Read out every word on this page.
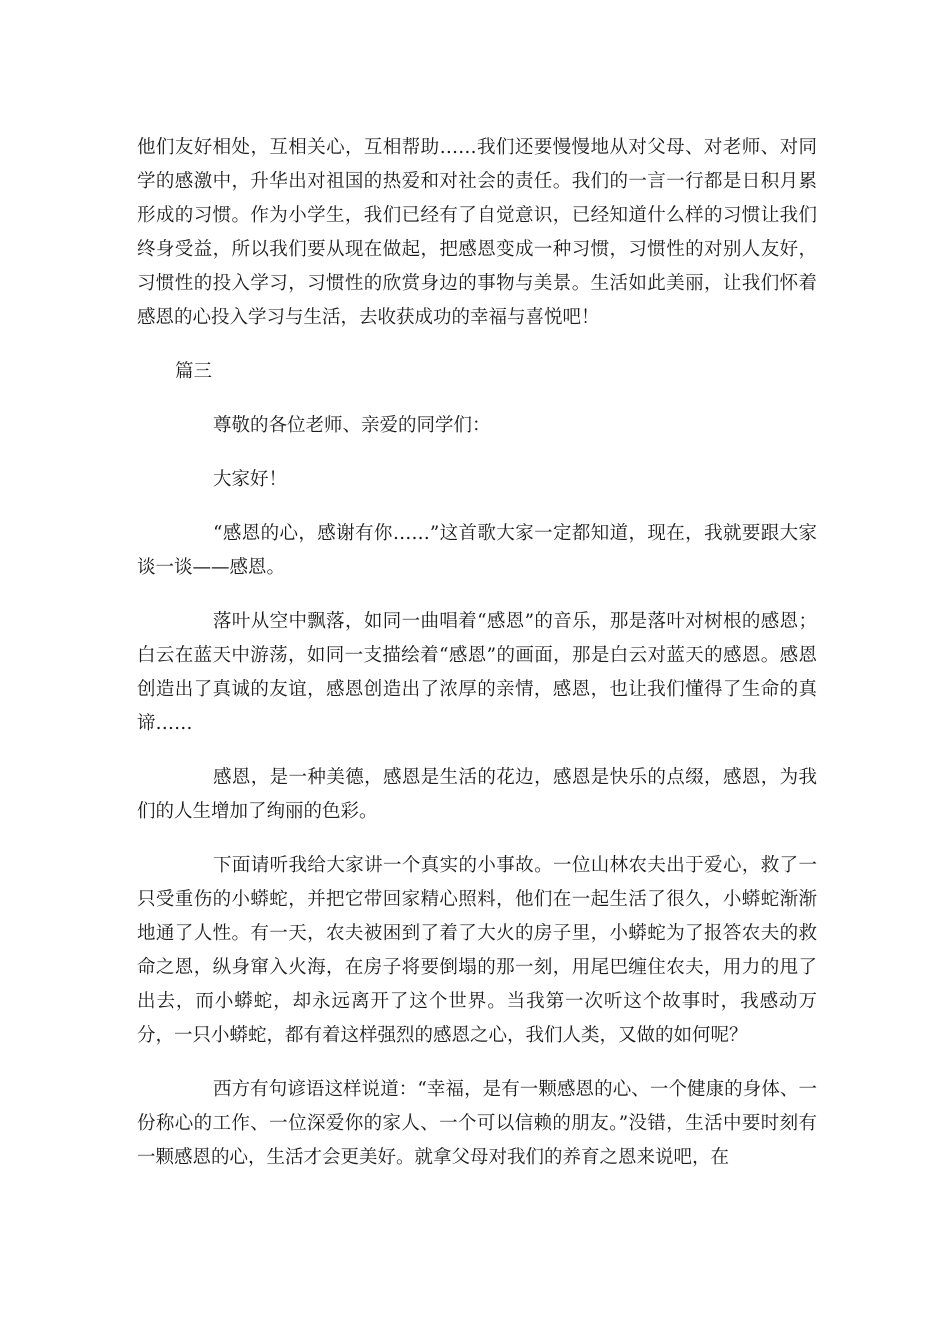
他们友好相处，互相关心，互相帮助……我们还要慢慢地从对父母、对老师、对同学的感激中，升华出对祖国的热爱和对社会的责任。我们的一言一行都是日积月累形成的习惯。作为小学生，我们已经有了自觉意识，已经知道什么样的习惯让我们终身受益，所以我们要从现在做起，把感恩变成一种习惯，习惯性的对别人友好，习惯性的投入学习，习惯性的欣赏身边的事物与美景。生活如此美丽，让我们怀着感恩的心投入学习与生活，去收获成功的幸福与喜悦吧！

篇三

尊敬的各位老师、亲爱的同学们：

大家好！

“感恩的心，感谢有你……”这首歌大家一定都知道，现在，我就要跟大家谈一谈——感恩。

落叶从空中飘落，如同一曲唱着“感恩”的音乐，那是落叶对树根的感恩；白云在蓝天中游荡，如同一支描绘着“感恩”的画面，那是白云对蓝天的感恩。感恩创造出了真诚的友谊，感恩创造出了浓厚的亲情，感恩，也让我们懂得了生命的真谛……

感恩，是一种美德，感恩是生活的花边，感恩是快乐的点缀，感恩，为我们的人生增加了绚丽的色彩。

下面请听我给大家讲一个真实的小事故。一位山林农夫出于爱心，救了一只受重伤的小蟒蛇，并把它带回家精心照料，他们在一起生活了很久，小蟒蛇渐渐地通了人性。有一天，农夫被困到了着了大火的房子里，小蟒蛇为了报答农夫的救命之恩，纵身窜入火海，在房子将要倒塌的那一刻，用尾巴缠住农夫，用力的甩了出去，而小蟒蛇，却永远离开了这个世界。当我第一次听这个故事时，我感动万分，一只小蟒蛇，都有着这样强烈的感恩之心，我们人类，又做的如何呢？

西方有句谚语这样说道：“幸福，是有一颗感恩的心、一个健康的身体、一份称心的工作、一位深爱你的家人、一个可以信赖的朋友。”没错，生活中要时刻有一颗感恩的心，生活才会更美好。就拿父母对我们的养育之恩来说吧，在
